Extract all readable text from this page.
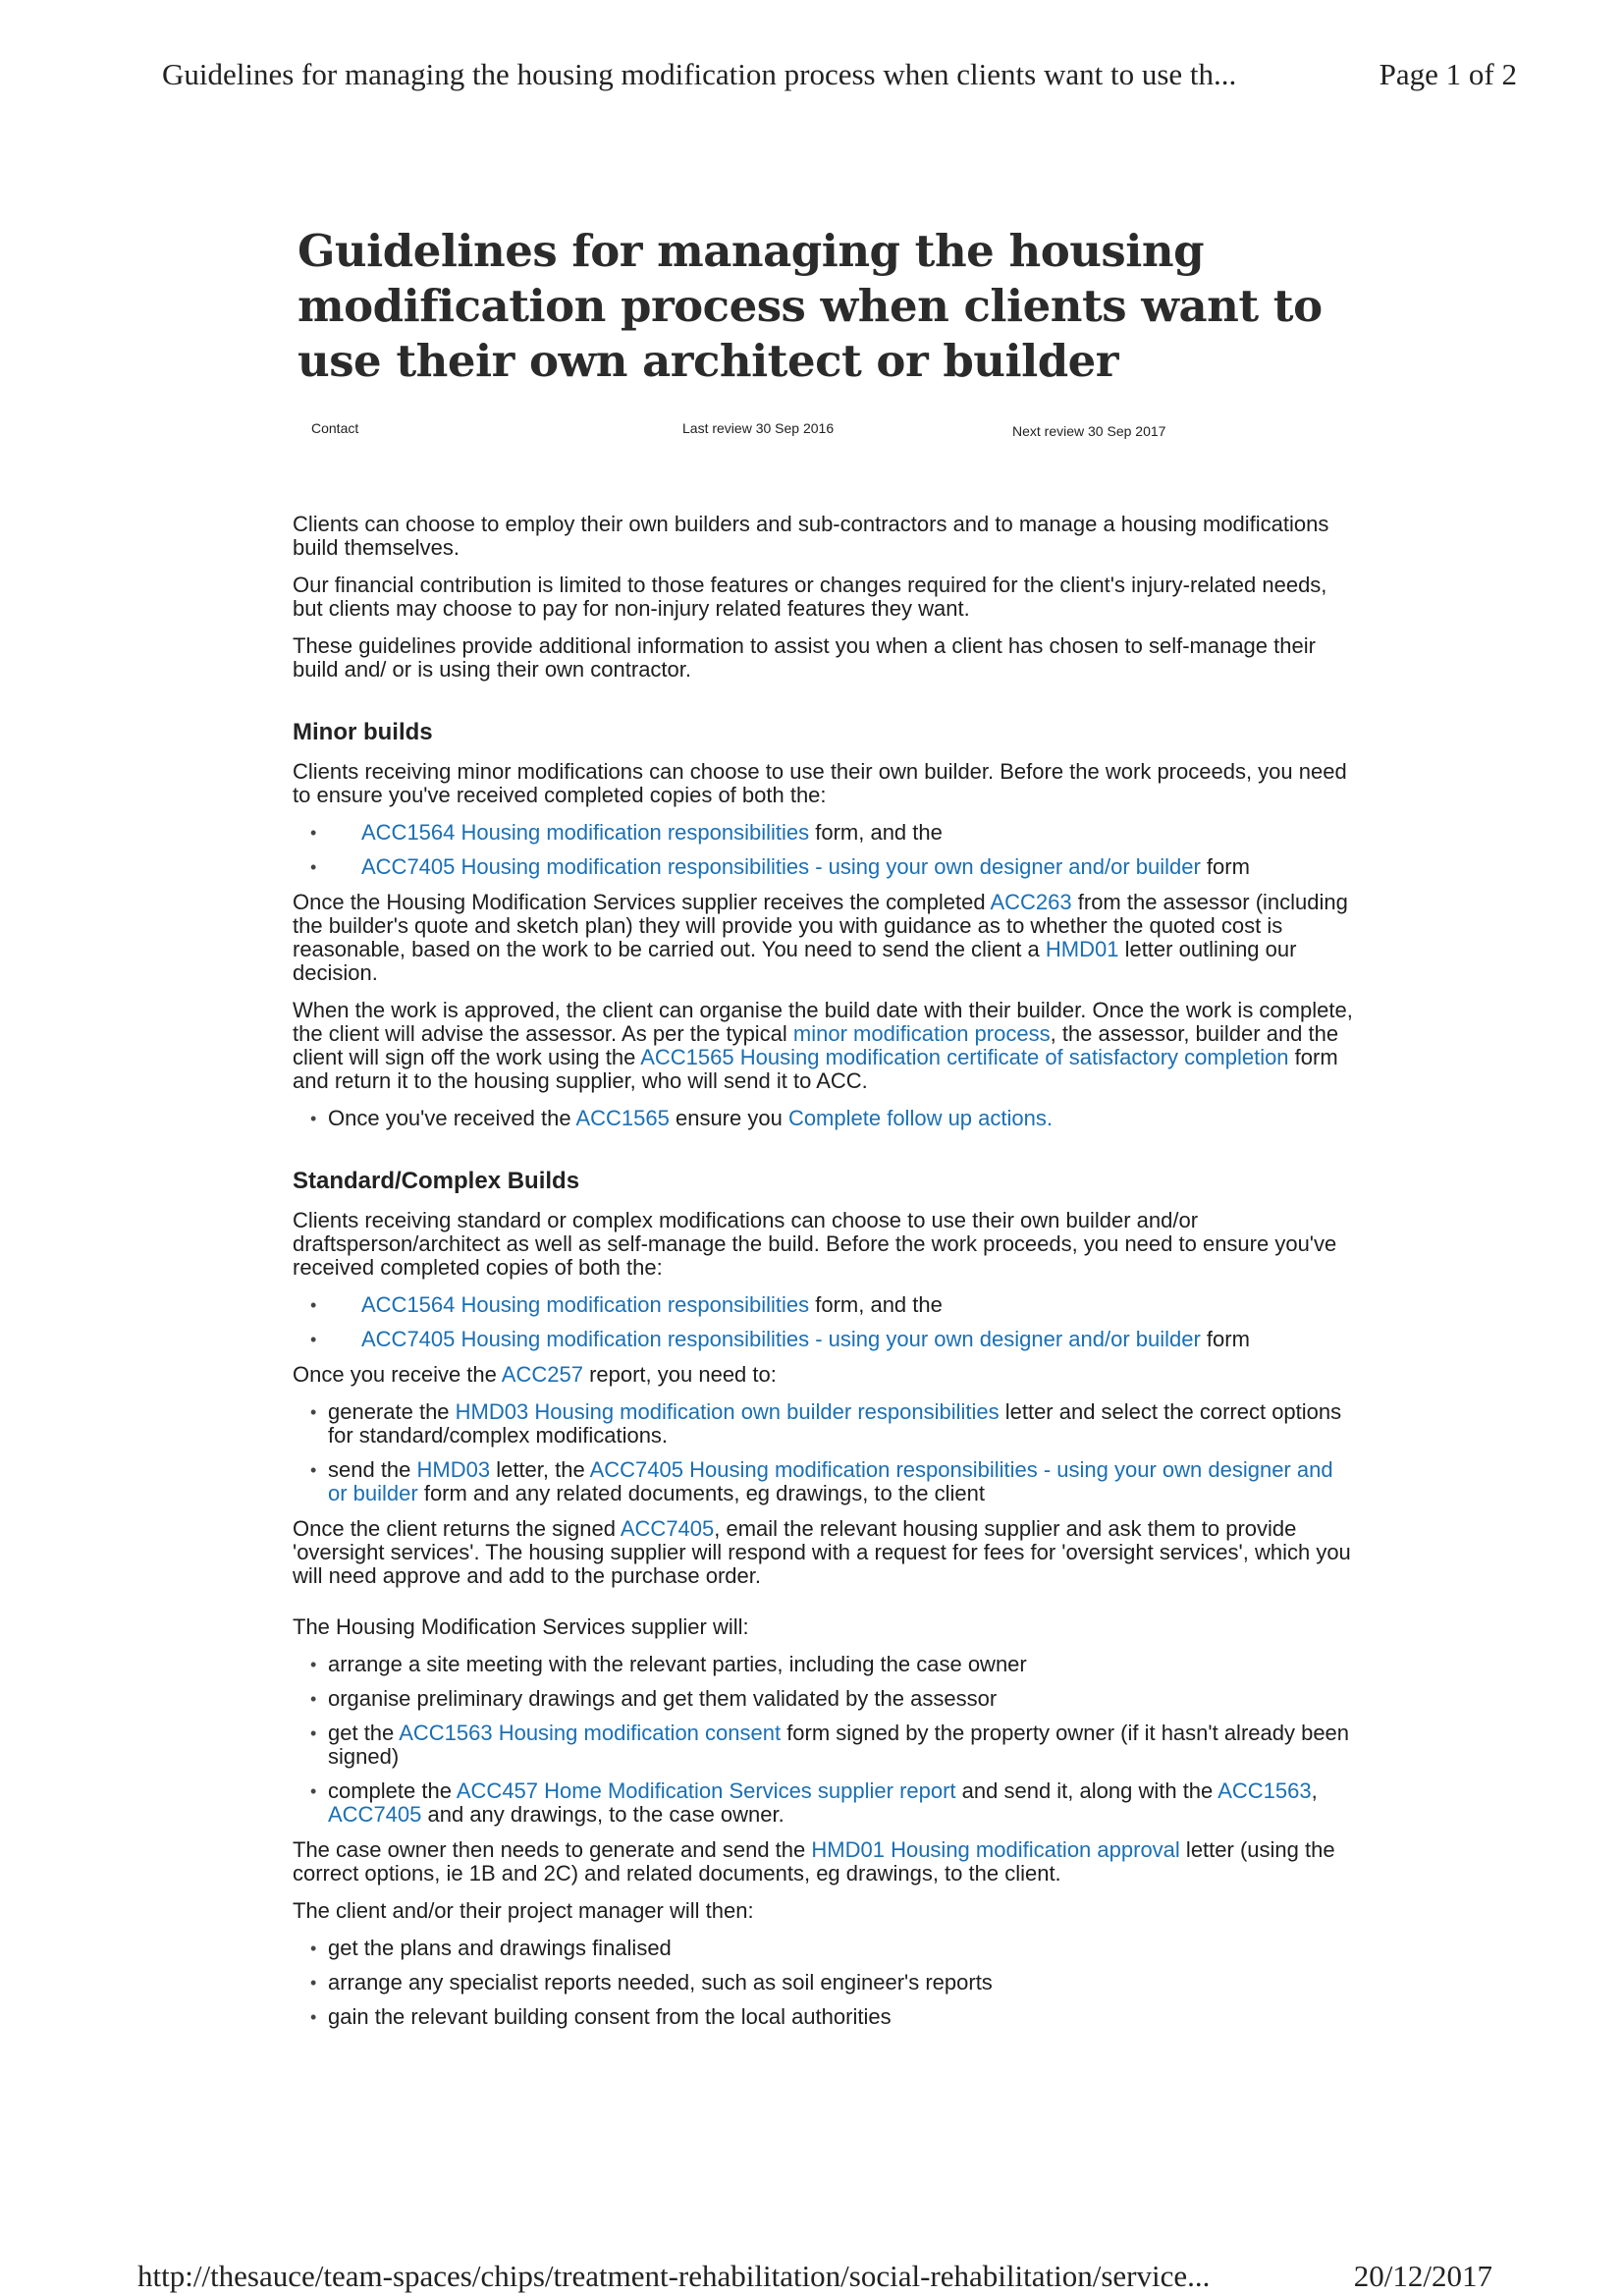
Guidelines for managing the housing modification process when clients want to use th...	Page 1 of 2
Guidelines for managing the housing modification process when clients want to use their own architect or builder
Contact	Last review 30 Sep 2016	Next review 30 Sep 2017

Clients can choose to employ their own builders and sub-contractors and to manage a housing modifications build themselves.

Our financial contribution is limited to those features or changes required for the client's injury-related needs, but clients may choose to pay for non-injury related features they want.

These guidelines provide additional information to assist you when a client has chosen to self-manage their build and/ or is using their own contractor.

Minor builds

Clients receiving minor modifications can choose to use their own builder. Before the work proceeds, you need to ensure you've received completed copies of both the:

• ACC1564 Housing modification responsibilities form, and the
• ACC7405 Housing modification responsibilities - using your own designer and/or builder form

Once the Housing Modification Services supplier receives the completed ACC263 from the assessor (including the builder's quote and sketch plan) they will provide you with guidance as to whether the quoted cost is reasonable, based on the work to be carried out. You need to send the client a HMD01 letter outlining our decision.

When the work is approved, the client can organise the build date with their builder. Once the work is complete, the client will advise the assessor. As per the typical minor modification process, the assessor, builder and the client will sign off the work using the ACC1565 Housing modification certificate of satisfactory completion form and return it to the housing supplier, who will send it to ACC.

• Once you've received the ACC1565 ensure you Complete follow up actions.
Standard/Complex Builds

Clients receiving standard or complex modifications can choose to use their own builder and/or draftsperson/architect as well as self-manage the build. Before the work proceeds, you need to ensure you've received completed copies of both the:

• ACC1564 Housing modification responsibilities form, and the
• ACC7405 Housing modification responsibilities - using your own designer and/or builder form

Once you receive the ACC257 report, you need to:

• generate the HMD03 Housing modification own builder responsibilities letter and select the correct options for standard/complex modifications.
• send the HMD03 letter, the ACC7405 Housing modification responsibilities - using your own designer and or builder form and any related documents, eg drawings, to the client

Once the client returns the signed ACC7405, email the relevant housing supplier and ask them to provide 'oversight services'. The housing supplier will respond with a request for fees for 'oversight services', which you will need approve and add to the purchase order.

The Housing Modification Services supplier will:

• arrange a site meeting with the relevant parties, including the case owner
• organise preliminary drawings and get them validated by the assessor
• get the ACC1563 Housing modification consent form signed by the property owner (if it hasn't already been signed)
• complete the ACC457 Home Modification Services supplier report and send it, along with the ACC1563, ACC7405 and any drawings, to the case owner.

The case owner then needs to generate and send the HMD01 Housing modification approval letter (using the correct options, ie 1B and 2C) and related documents, eg drawings, to the client.

The client and/or their project manager will then:

• get the plans and drawings finalised
• arrange any specialist reports needed, such as soil engineer's reports
• gain the relevant building consent from the local authorities
http://thesauce/team-spaces/chips/treatment-rehabilitation/social-rehabilitation/service...	20/12/2017
